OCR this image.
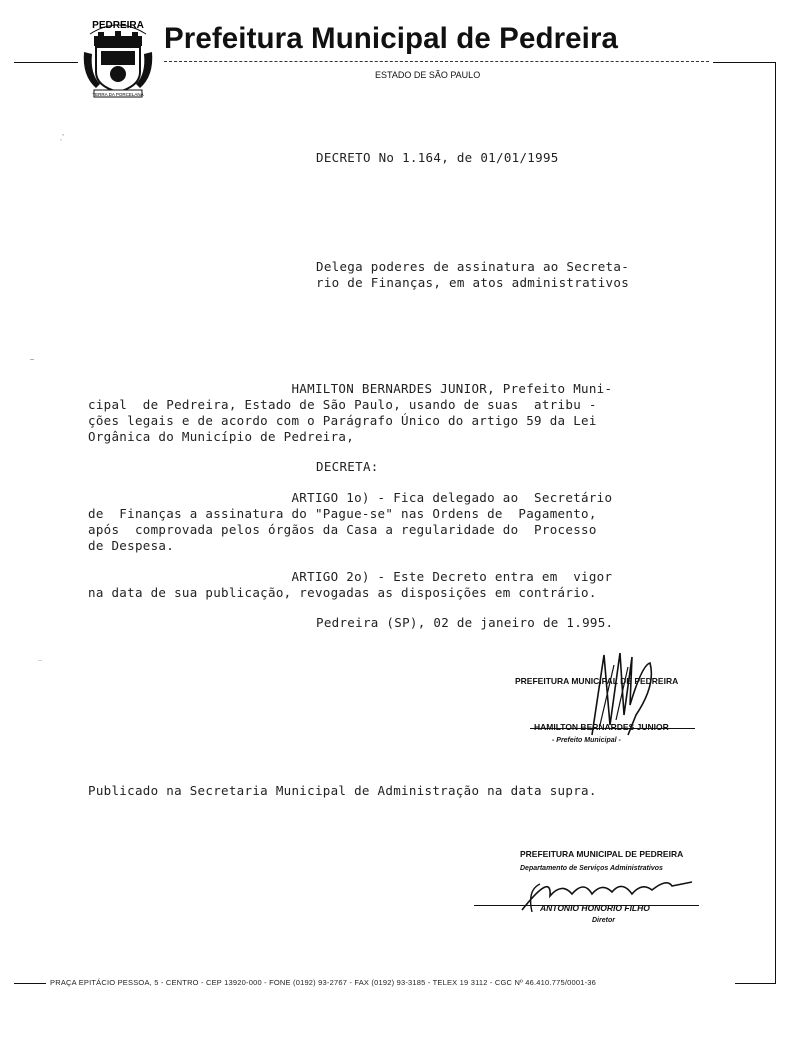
PEDREIRA
TERRA DA PORCELANA
Prefeitura Municipal de Pedreira
ESTADO DE SÃO PAULO
ˎ'
~
..
DECRETO No 1.164, de 01/01/1995
Delega poderes de assinatura ao Secreta-
rio de Finanças, em atos administrativos
HAMILTON BERNARDES JUNIOR, Prefeito Muni-
cipal  de Pedreira, Estado de São Paulo, usando de suas  atribu -
ções legais e de acordo com o Parágrafo Único do artigo 59 da Lei
Orgânica do Município de Pedreira,
DECRETA:
ARTIGO 1o) - Fica delegado ao  Secretário
de  Finanças a assinatura do "Pague-se" nas Ordens de  Pagamento,
após  comprovada pelos órgãos da Casa a regularidade do  Processo
de Despesa.
ARTIGO 2o) - Este Decreto entra em  vigor
na data de sua publicação, revogadas as disposições em contrário.
Pedreira (SP), 02 de janeiro de 1.995.
PREFEITURA MUNICIPAL DE PEDREIRA
HAMILTON BERNARDES JUNIOR
- Prefeito Municipal -
Publicado na Secretaria Municipal de Administração na data supra.
PREFEITURA MUNICIPAL DE PEDREIRA
Departamento de Serviços Administrativos
ANTONIO HONORIO FILHO
Diretor
PRAÇA EPITÁCIO PESSOA, 5 - CENTRO - CEP 13920-000 - FONE (0192) 93-2767 - FAX (0192) 93-3185 - TELEX 19 3112 - CGC Nº 46.410.775/0001-36
